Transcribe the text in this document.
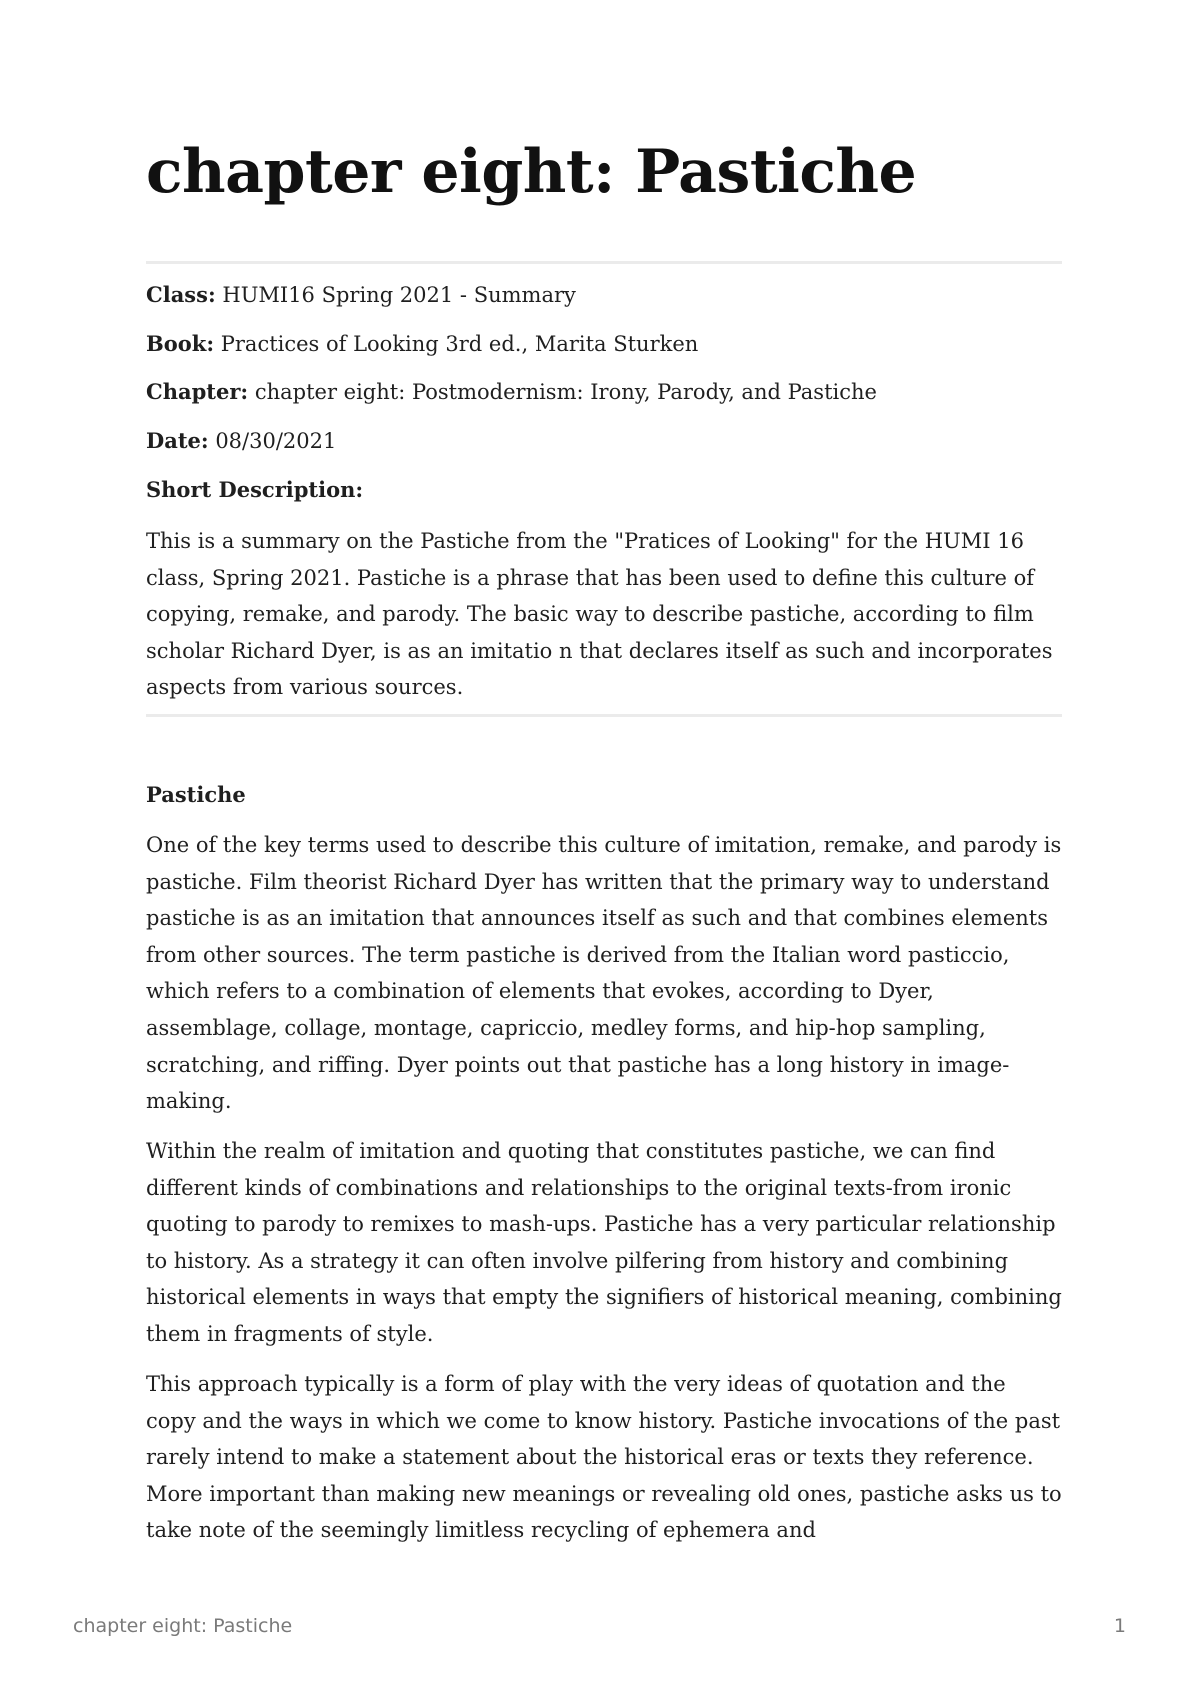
chapter eight: Pastiche

Class: HUMI16 Spring 2021 - Summary

Book: Practices of Looking 3rd ed., Marita Sturken

Chapter: chapter eight: Postmodernism: Irony, Parody, and Pastiche

Date: 08/30/2021

Short Description:

This is a summary on the Pastiche from the "Pratices of Looking" for the HUMI 16 class, Spring 2021. Pastiche is a phrase that has been used to define this culture of copying, remake, and parody. The basic way to describe pastiche, according to film scholar Richard Dyer, is as an imitatio n that declares itself as such and incorporates aspects from various sources.

Pastiche

One of the key terms used to describe this culture of imitation, remake, and parody is pastiche. Film theorist Richard Dyer has written that the primary way to understand pastiche is as an imitation that announces itself as such and that combines elements from other sources. The term pastiche is derived from the Italian word pasticcio, which refers to a combination of elements that evokes, according to Dyer, assemblage, collage, montage, capriccio, medley forms, and hip-hop sampling, scratching, and riffing. Dyer points out that pastiche has a long history in image-making.

Within the realm of imitation and quoting that constitutes pastiche, we can find different kinds of combinations and relationships to the original texts-from ironic quoting to parody to remixes to mash-ups. Pastiche has a very particular relationship to history. As a strategy it can often involve pilfering from history and combining historical elements in ways that empty the signifiers of historical meaning, combining them in fragments of style.

This approach typically is a form of play with the very ideas of quotation and the copy and the ways in which we come to know history. Pastiche invocations of the past rarely intend to make a statement about the historical eras or texts they reference. More important than making new meanings or revealing old ones, pastiche asks us to take note of the seemingly limitless recycling of ephemera and

chapter eight: Pastiche	1
